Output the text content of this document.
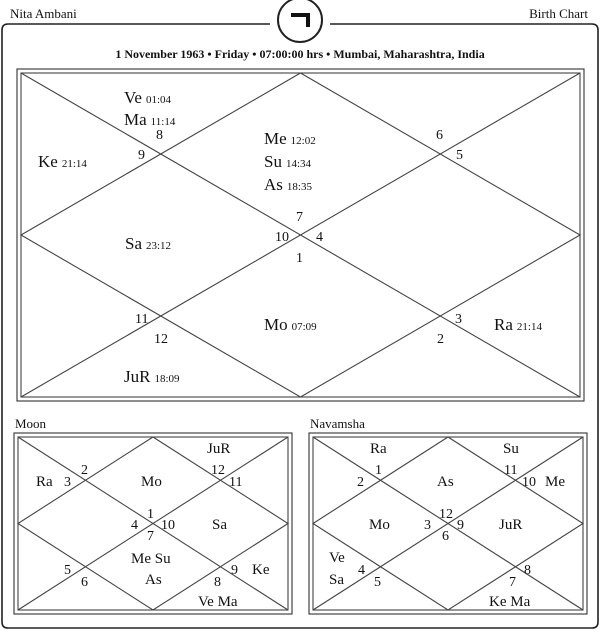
Nita Ambani	Birth Chart
1 November 1963 • Friday • 07:00:00 hrs • Mumbai, Maharashtra, India
Ve 01:04
Ma 11:14
Ke 21:14
Me 12:02
Su 14:34
As 18:35
Sa 23:12
Mo 07:09	Ra 21:14
JuR 18:09
8
9
6
5
7
10 4
1
11
12
3
2
Moon
JuR
Ra	Mo
Sa
Me Su
As
Ke
Ve Ma
2
3
12
11
1
4 10
7
5
6
9
8
Navamsha
Ra	Su
As	Me
Mo	JuR
Ve
Sa
Ke Ma
1
2
11
10
12
3 9
6
4
5
8
7
